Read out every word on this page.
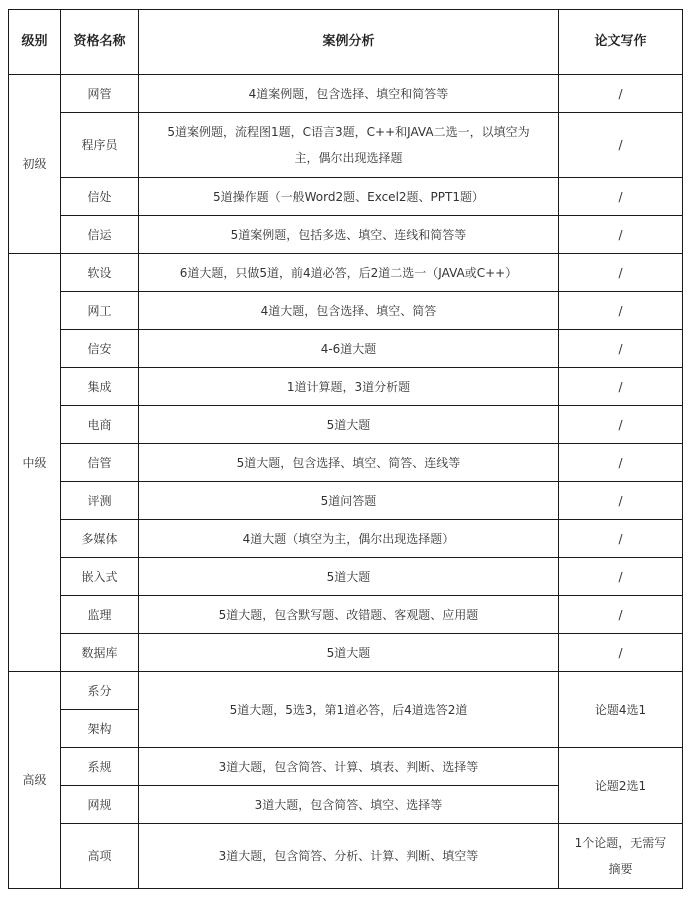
级别	资格名称	案例分析	论文写作
初级	网管	4道案例题，包含选择、填空和简答等	/
	程序员	5道案例题，流程图1题，C语言3题，C++和JAVA二选一，以填空为主，偶尔出现选择题	/
	信处	5道操作题（一般Word2题、Excel2题、PPT1题）	/
	信运	5道案例题，包括多选、填空、连线和简答等	/
中级	软设	6道大题，只做5道，前4道必答，后2道二选一（JAVA或C++）	/
	网工	4道大题，包含选择、填空、简答	/
	信安	4-6道大题	/
	集成	1道计算题，3道分析题	/
	电商	5道大题	/
	信管	5道大题，包含选择、填空、简答、连线等	/
	评测	5道问答题	/
	多媒体	4道大题（填空为主，偶尔出现选择题）	/
	嵌入式	5道大题	/
	监理	5道大题，包含默写题、改错题、客观题、应用题	/
	数据库	5道大题	/
高级	系分	5道大题，5选3，第1道必答，后4道选答2道	论题4选1
	架构		
	系规	3道大题，包含简答、计算、填表、判断、选择等	论题2选1
	网规	3道大题，包含简答、填空、选择等	
	高项	3道大题，包含简答、分析、计算、判断、填空等	1个论题，无需写摘要
